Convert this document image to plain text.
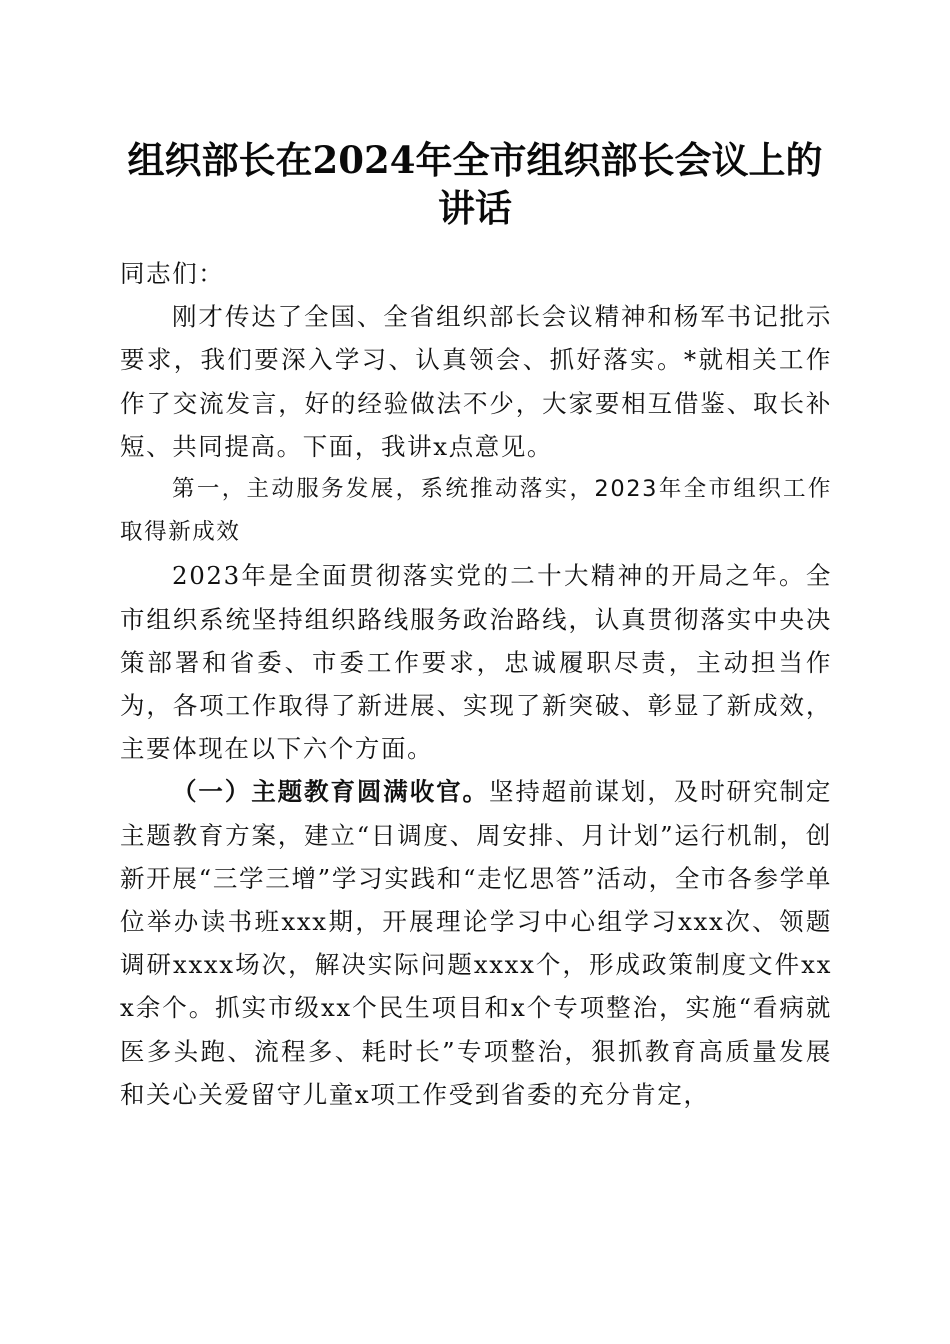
组织部长在2024年全市组织部长会议上的讲话

同志们：

刚才传达了全国、全省组织部长会议精神和杨军书记批示要求，我们要深入学习、认真领会、抓好落实。*就相关工作作了交流发言，好的经验做法不少，大家要相互借鉴、取长补短、共同提高。下面，我讲x点意见。

第一，主动服务发展，系统推动落实，2023年全市组织工作取得新成效

2023年是全面贯彻落实党的二十大精神的开局之年。全市组织系统坚持组织路线服务政治路线，认真贯彻落实中央决策部署和省委、市委工作要求，忠诚履职尽责，主动担当作为，各项工作取得了新进展、实现了新突破、彰显了新成效，主要体现在以下六个方面。

（一）主题教育圆满收官。坚持超前谋划，及时研究制定主题教育方案，建立“日调度、周安排、月计划”运行机制，创新开展“三学三增”学习实践和“走忆思答”活动，全市各参学单位举办读书班xxx期，开展理论学习中心组学习xxx次、领题调研xxxx场次，解决实际问题xxxx个，形成政策制度文件xxx余个。抓实市级xx个民生项目和x个专项整治，实施“看病就医多头跑、流程多、耗时长”专项整治，狠抓教育高质量发展和关心关爱留守儿童x项工作受到省委的充分肯定，
